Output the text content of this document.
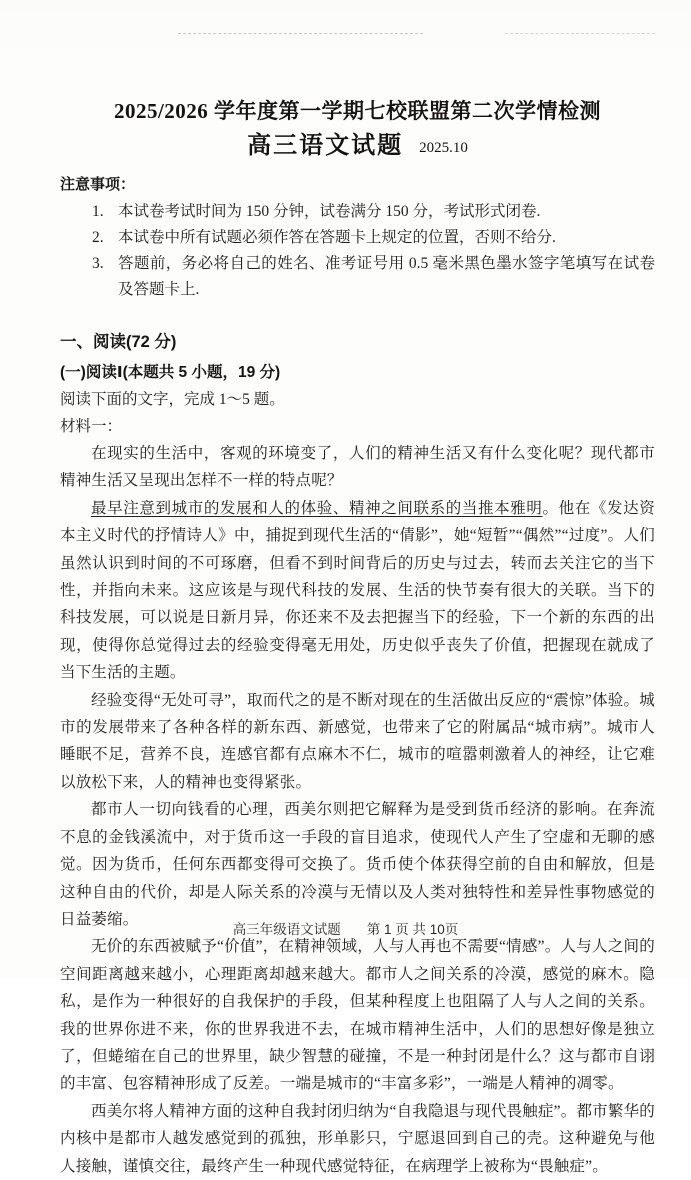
2025/2026 学年度第一学期七校联盟第二次学情检测
高三语文试题 2025.10
注意事项：
1. 本试卷考试时间为 150 分钟，试卷满分 150 分，考试形式闭卷.
2. 本试卷中所有试题必须作答在答题卡上规定的位置，否则不给分.
3. 答题前，务必将自己的姓名、准考证号用 0.5 毫米黑色墨水签字笔填写在试卷及答题卡上.
一、阅读(72 分)
(一)阅读Ⅰ(本题共 5 小题，19 分)
阅读下面的文字，完成 1～5 题。
材料一：

在现实的生活中，客观的环境变了，人们的精神生活又有什么变化呢？现代都市精神生活又呈现出怎样不一样的特点呢？

最早注意到城市的发展和人的体验、精神之间联系的当推本雅明。他在《发达资本主义时代的抒情诗人》中，捕捉到现代生活的“倩影”，她“短暂”“偶然”“过度”。人们虽然认识到时间的不可琢磨，但看不到时间背后的历史与过去，转而去关注它的当下性，并指向未来。这应该是与现代科技的发展、生活的快节奏有很大的关联。当下的科技发展，可以说是日新月异，你还来不及去把握当下的经验，下一个新的东西的出现，使得你总觉得过去的经验变得毫无用处，历史似乎丧失了价值，把握现在就成了当下生活的主题。

经验变得“无处可寻”，取而代之的是不断对现在的生活做出反应的“震惊”体验。城市的发展带来了各种各样的新东西、新感觉，也带来了它的附属品“城市病”。城市人睡眠不足，营养不良，连感官都有点麻木不仁，城市的喧嚣刺激着人的神经，让它难以放松下来，人的精神也变得紧张。

都市人一切向钱看的心理，西美尔则把它解释为是受到货币经济的影响。在奔流不息的金钱溪流中，对于货币这一手段的盲目追求，使现代人产生了空虚和无聊的感觉。因为货币，任何东西都变得可交换了。货币使个体获得空前的自由和解放，但是这种自由的代价，却是人际关系的冷漠与无情以及人类对独特性和差异性事物感觉的日益萎缩。

无价的东西被赋予“价值”，在精神领域，人与人再也不需要“情感”。人与人之间的空间距离越来越小，心理距离却越来越大。都市人之间关系的冷漠，感觉的麻木。隐私，是作为一种很好的自我保护的手段，但某种程度上也阻隔了人与人之间的关系。我的世界你进不来，你的世界我进不去，在城市精神生活中，人们的思想好像是独立了，但蜷缩在自己的世界里，缺少智慧的碰撞，不是一种封闭是什么？这与都市自诩的丰富、包容精神形成了反差。一端是城市的“丰富多彩”，一端是人精神的凋零。

西美尔将人精神方面的这种自我封闭归纳为“自我隐退与现代畏触症”。都市繁华的内核中是都市人越发感觉到的孤独，形单影只，宁愿退回到自己的壳。这种避免与他人接触，谨慎交往，最终产生一种现代感觉特征，在病理学上被称为“畏触症”。

高三年级语文试题 第 1 页 共 10页
